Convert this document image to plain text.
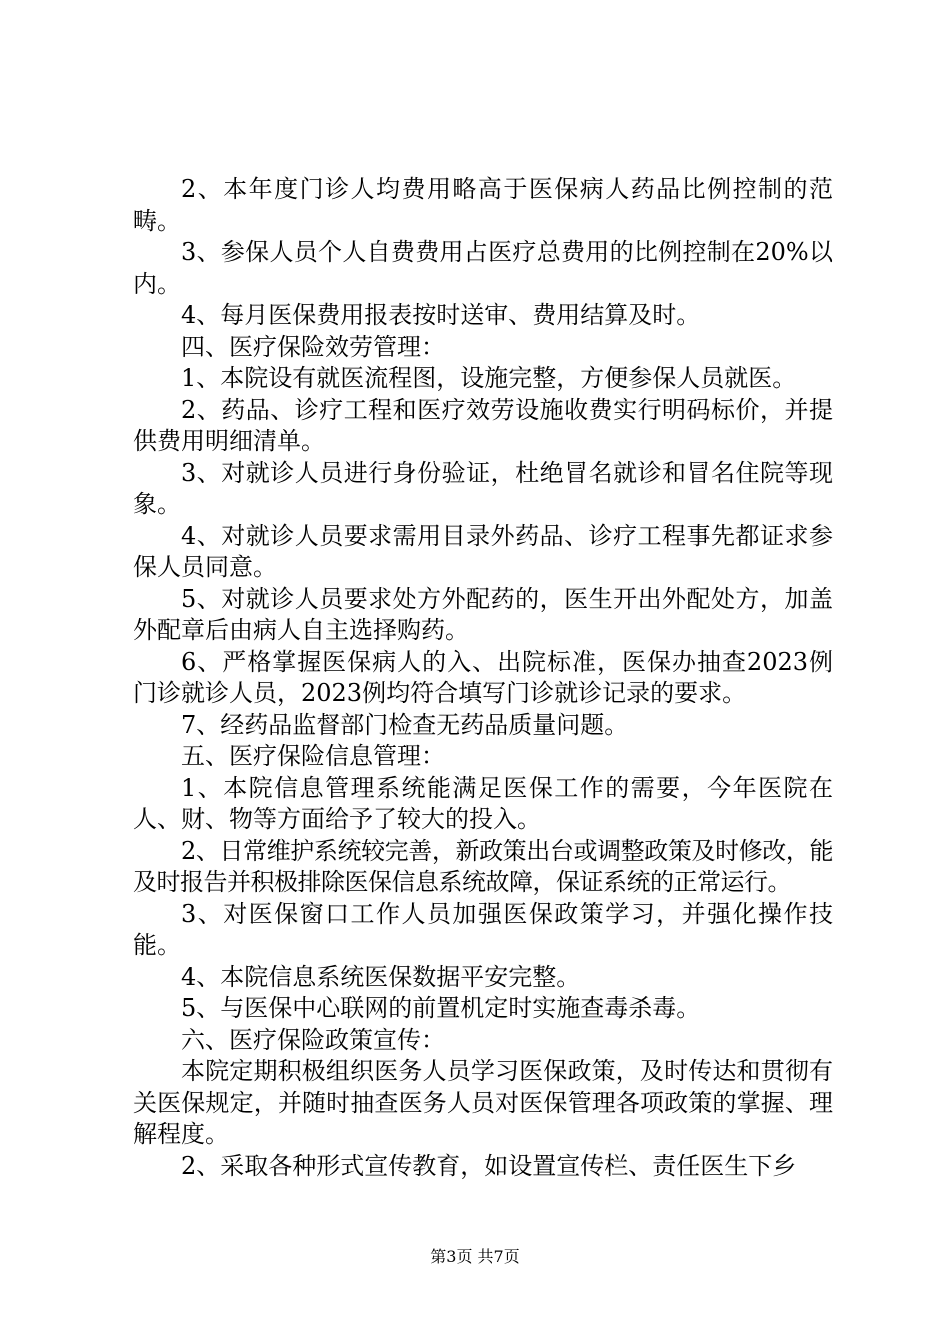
2、本年度门诊人均费用略高于医保病人药品比例控制的范畴。

3、参保人员个人自费费用占医疗总费用的比例控制在20%以内。

4、每月医保费用报表按时送审、费用结算及时。

四、医疗保险效劳管理：

1、本院设有就医流程图，设施完整，方便参保人员就医。

2、药品、诊疗工程和医疗效劳设施收费实行明码标价，并提供费用明细清单。

3、对就诊人员进行身份验证，杜绝冒名就诊和冒名住院等现象。

4、对就诊人员要求需用目录外药品、诊疗工程事先都证求参保人员同意。

5、对就诊人员要求处方外配药的，医生开出外配处方，加盖外配章后由病人自主选择购药。

6、严格掌握医保病人的入、出院标准，医保办抽查2023例门诊就诊人员，2023例均符合填写门诊就诊记录的要求。

7、经药品监督部门检查无药品质量问题。

五、医疗保险信息管理：

1、本院信息管理系统能满足医保工作的需要，今年医院在人、财、物等方面给予了较大的投入。

2、日常维护系统较完善，新政策出台或调整政策及时修改，能及时报告并积极排除医保信息系统故障，保证系统的正常运行。

3、对医保窗口工作人员加强医保政策学习，并强化操作技能。

4、本院信息系统医保数据平安完整。

5、与医保中心联网的前置机定时实施查毒杀毒。

六、医疗保险政策宣传：

本院定期积极组织医务人员学习医保政策，及时传达和贯彻有关医保规定，并随时抽查医务人员对医保管理各项政策的掌握、理解程度。

2、采取各种形式宣传教育，如设置宣传栏、责任医生下乡

第3页 共7页
